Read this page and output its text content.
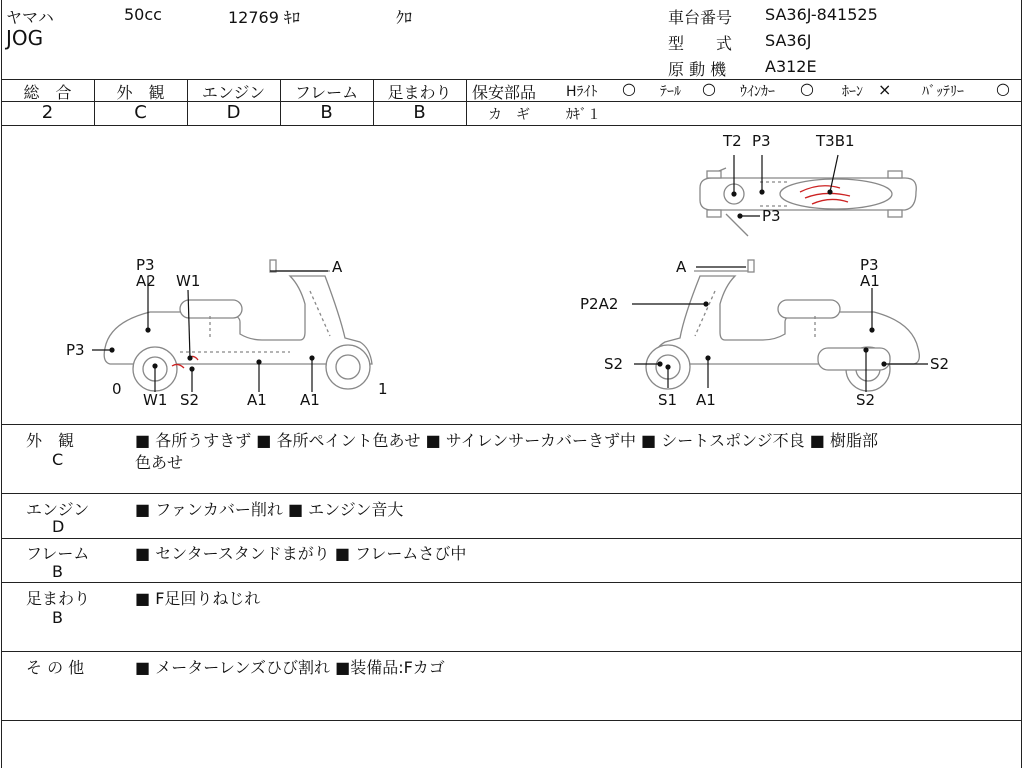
ヤマハ	50cc	12769 ｷﾛ	ｸﾛ
JOG
車台番号 SA36J-841525
型　　式 SA36J
原 動 機 A312E
総　合	外　観	エンジン	フレーム	足まわり
2	C	D	B	B
保安部品 Hﾗｲﾄ ○ ﾃｰﾙ ○ ｳｲﾝｶｰ ○ ﾎｰﾝ × ﾊﾞｯﾃﾘｰ ○
カ　ギ	ｶｷﾞ１
T2 P3	T3B1
P3
P3
A2 W1
A
P3
0	1
W1 S2	A1 A1
A	P3
A1
P2A2
S2	S2
S1 A1	S2
外　観
C
■ 各所うすきず ■ 各所ペイント色あせ ■ サイレンサーカバーきず中 ■ シートスポンジ不良 ■ 樹脂部
色あせ
エンジン
D
■ ファンカバー削れ ■ エンジン音大
フレーム
B
■ センタースタンドまがり ■ フレームさび中
足まわり
B
■ F足回りねじれ
そ の 他	■ メーターレンズひび割れ ■装備品:Fカゴ
